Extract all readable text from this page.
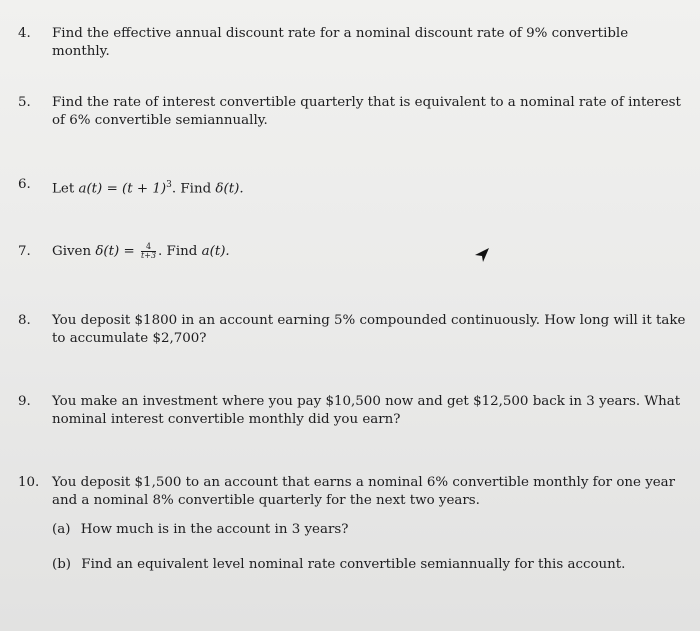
4.	Find the effective annual discount rate for a nominal discount rate of 9% convertible monthly.
5.	Find the rate of interest convertible quarterly that is equivalent to a nominal rate of interest of 6% convertible semiannually.
6.	Let $a(t) = (t + 1)^3$. Find δ(t).
7.	Given $\delta(t) = \frac{4}{t+3}$ . Find a(t).
8.	You deposit $1800 in an account earning 5% compounded continuously. How long will it take to accumulate $2,700?
9.	You make an investment where you pay $10,500 now and get $12,500 back in 3 years. What nominal interest convertible monthly did you earn?
10. You deposit $1,500 to an account that earns a nominal 6% convertible monthly for one year and a nominal 8% convertible quarterly for the next two years.
(a) How much is in the account in 3 years?
(b) Find an equivalent level nominal rate convertible semiannually for this account.
